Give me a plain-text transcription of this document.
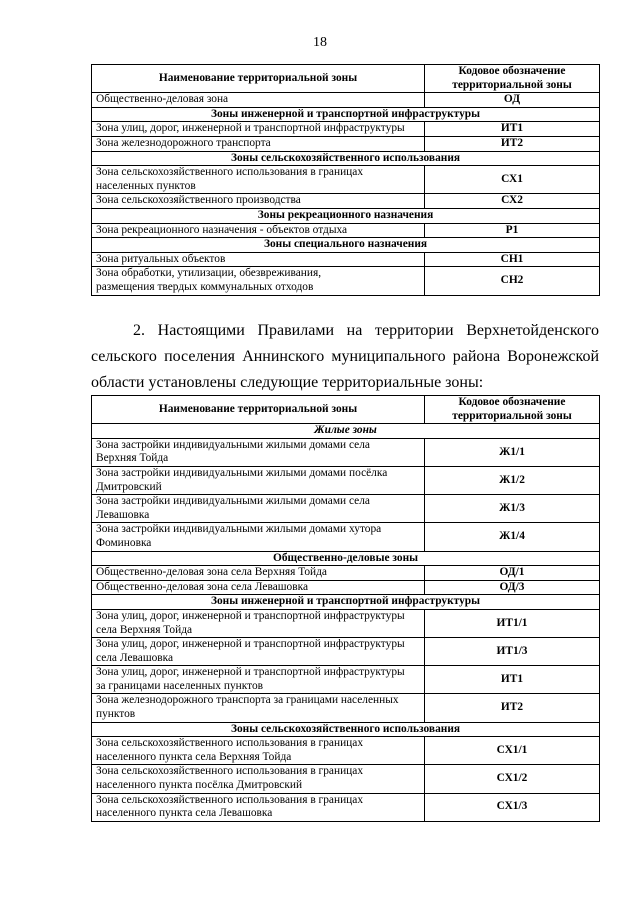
18
Наименование территориальной зоны	Кодовое обозначение
территориальной зоны
Общественно-деловая зона	ОД
Зоны инженерной и транспортной инфраструктуры	
Зона улиц, дорог, инженерной и транспортной инфраструктуры	ИТ1
Зона железнодорожного транспорта	ИТ2
Зоны сельскохозяйственного использования	
Зона сельскохозяйственного использования в границах
населенных пунктов	СХ1
Зона сельскохозяйственного производства	СХ2
Зоны рекреационного назначения	
Зона рекреационного назначения - объектов отдыха	Р1
Зоны специального назначения	
Зона ритуальных объектов	СН1
Зона обработки, утилизации, обезвреживания,
размещения твердых коммунальных отходов	СН2
2. Настоящими Правилами на территории Верхнетойденского
сельского поселения Аннинского муниципального района Воронежской
области установлены следующие территориальные зоны:
Наименование территориальной зоны	Кодовое обозначение
территориальной зоны
Жилые зоны	
Зона застройки индивидуальными жилыми домами села
Верхняя Тойда	Ж1/1
Зона застройки индивидуальными жилыми домами посёлка
Дмитровский	Ж1/2
Зона застройки индивидуальными жилыми домами села
Левашовка	Ж1/3
Зона застройки индивидуальными жилыми домами хутора
Фоминовка	Ж1/4
Общественно-деловые зоны	
Общественно-деловая зона села Верхняя Тойда	ОД/1
Общественно-деловая зона села Левашовка	ОД/3
Зоны инженерной и транспортной инфраструктуры	
Зона улиц, дорог, инженерной и транспортной инфраструктуры
села Верхняя Тойда	ИТ1/1
Зона улиц, дорог, инженерной и транспортной инфраструктуры
села Левашовка	ИТ1/3
Зона улиц, дорог, инженерной и транспортной инфраструктуры
за границами населенных пунктов	ИТ1
Зона железнодорожного транспорта за границами населенных
пунктов	ИТ2
Зоны сельскохозяйственного использования	
Зона сельскохозяйственного использования в границах
населенного пункта села Верхняя Тойда	СХ1/1
Зона сельскохозяйственного использования в границах
населенного пункта посёлка Дмитровский	СХ1/2
Зона сельскохозяйственного использования в границах
населенного пункта села Левашовка	СХ1/3
